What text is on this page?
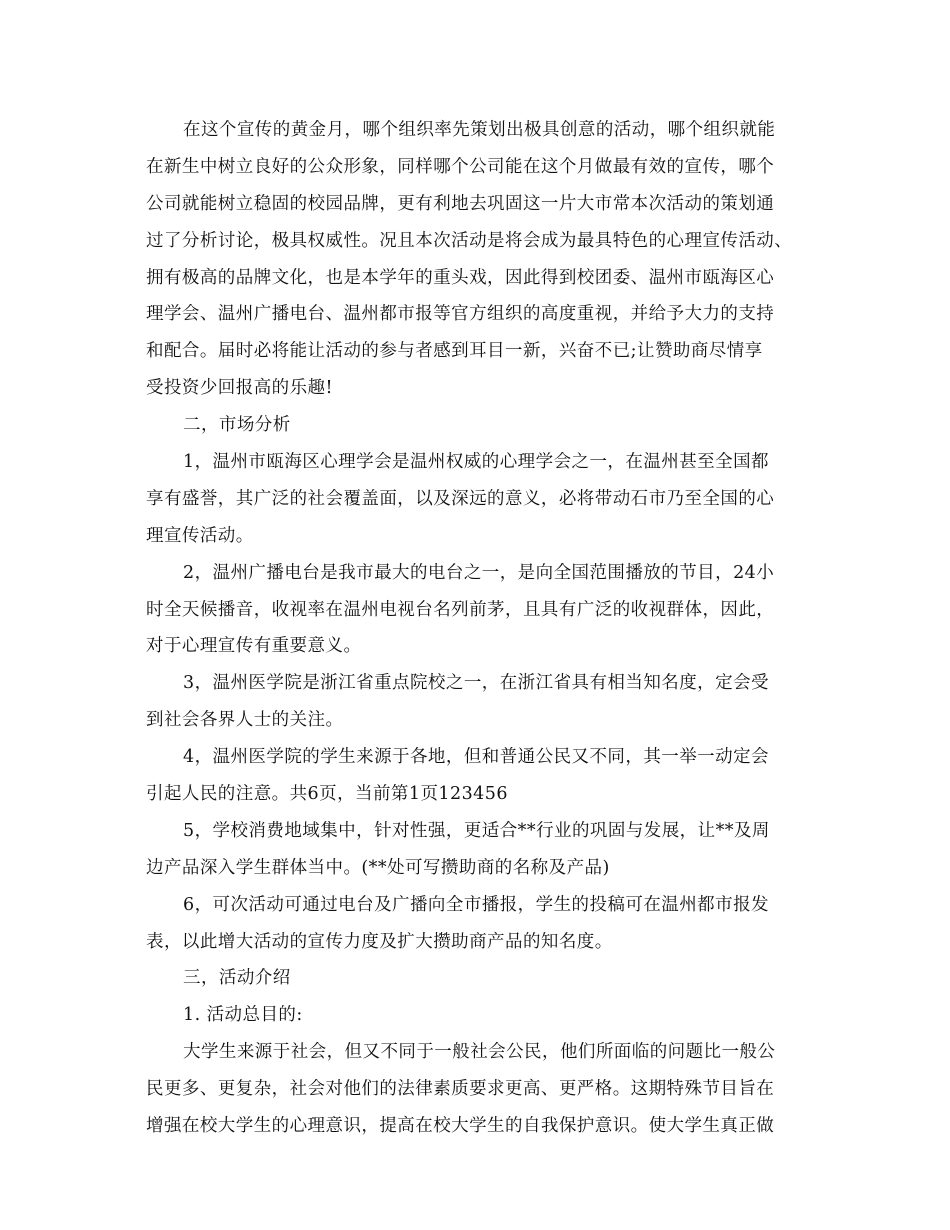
在这个宣传的黄金月，哪个组织率先策划出极具创意的活动，哪个组织就能
在新生中树立良好的公众形象，同样哪个公司能在这个月做最有效的宣传，哪个
公司就能树立稳固的校园品牌，更有利地去巩固这一片大市常本次活动的策划通
过了分析讨论，极具权威性。况且本次活动是将会成为最具特色的心理宣传活动、
拥有极高的品牌文化，也是本学年的重头戏，因此得到校团委、温州市瓯海区心
理学会、温州广播电台、温州都市报等官方组织的高度重视，并给予大力的支持
和配合。届时必将能让活动的参与者感到耳目一新，兴奋不已;让赞助商尽情享
受投资少回报高的乐趣!
二，市场分析
1，温州市瓯海区心理学会是温州权威的心理学会之一，在温州甚至全国都
享有盛誉，其广泛的社会覆盖面，以及深远的意义，必将带动石市乃至全国的心
理宣传活动。
2，温州广播电台是我市最大的电台之一，是向全国范围播放的节目，24小
时全天候播音，收视率在温州电视台名列前茅，且具有广泛的收视群体，因此，
对于心理宣传有重要意义。
3，温州医学院是浙江省重点院校之一，在浙江省具有相当知名度，定会受
到社会各界人士的关注。
4，温州医学院的学生来源于各地，但和普通公民又不同，其一举一动定会
引起人民的注意。共6页，当前第1页123456
5，学校消费地域集中，针对性强，更适合**行业的巩固与发展，让**及周
边产品深入学生群体当中。(**处可写攒助商的名称及产品)
6，可次活动可通过电台及广播向全市播报，学生的投稿可在温州都市报发
表，以此增大活动的宣传力度及扩大攒助商产品的知名度。
三，活动介绍
1. 活动总目的:
大学生来源于社会，但又不同于一般社会公民，他们所面临的问题比一般公
民更多、更复杂，社会对他们的法律素质要求更高、更严格。这期特殊节目旨在
增强在校大学生的心理意识，提高在校大学生的自我保护意识。使大学生真正做
